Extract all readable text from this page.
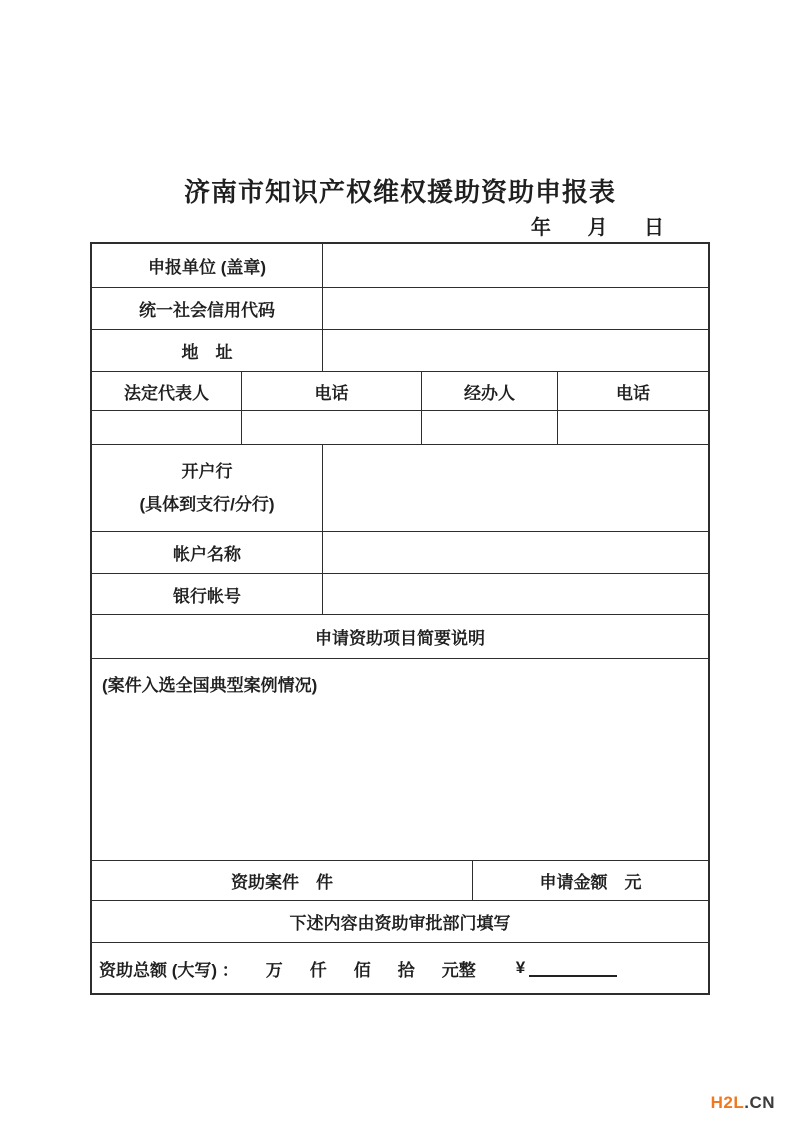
济南市知识产权维权援助资助申报表
年 月 日
申报单位 (盖章)
统一社会信用代码
地　址
法定代表人	电话	经办人	电话
开户行
(具体到支行/分行)
帐户名称
银行帐号
申请资助项目简要说明
(案件入选全国典型案例情况)
资助案件　件	申请金额　元
下述内容由资助审批部门填写
资助总额 (大写) ： 万 仟 佰 拾 元整 ¥
H2L.CN
